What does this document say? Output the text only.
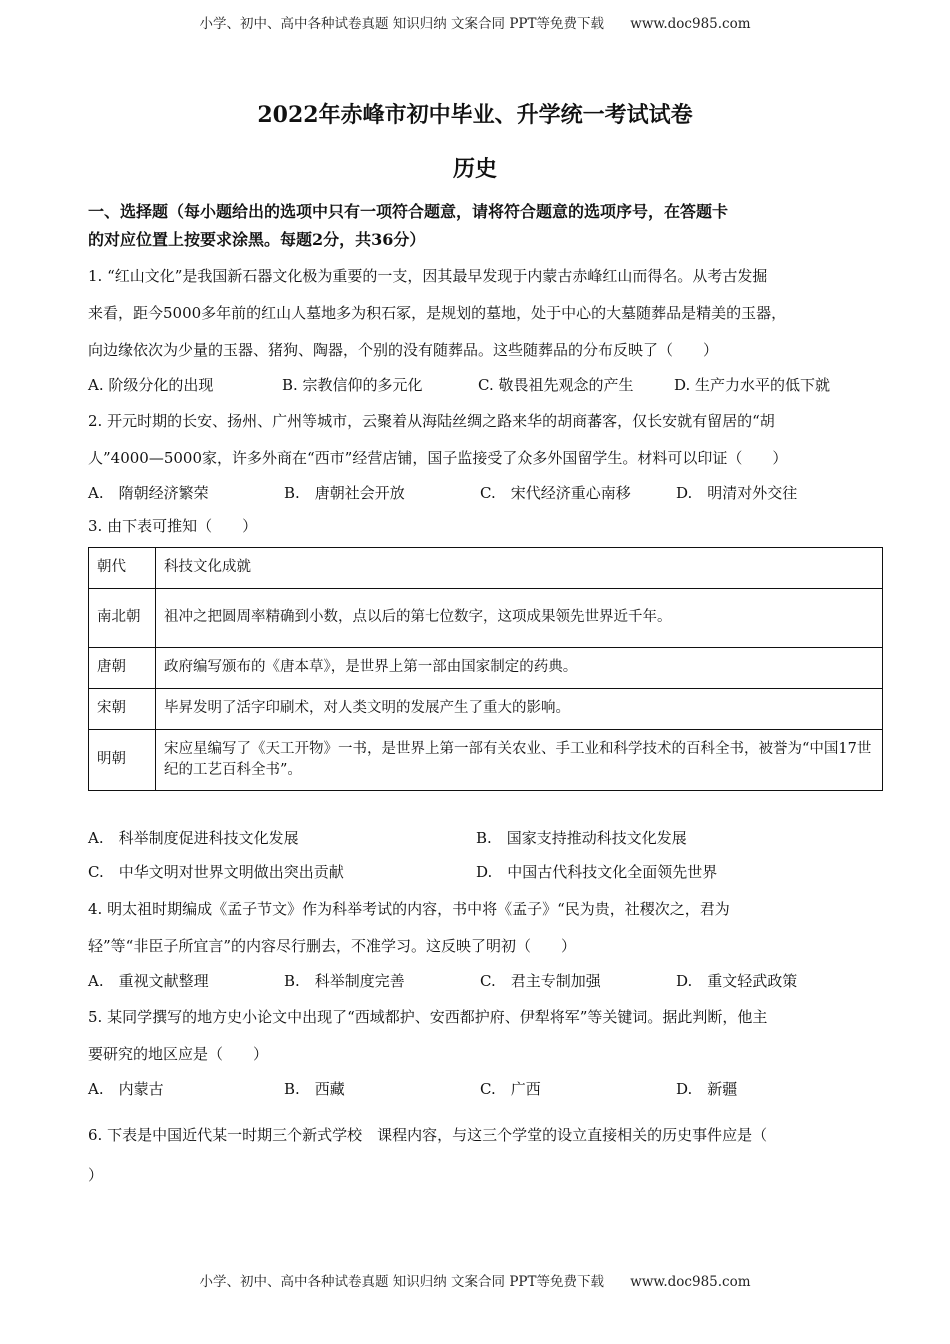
小学、初中、高中各种试卷真题 知识归纳 文案合同 PPT等免费下载 www.doc985.com
2022年赤峰市初中毕业、升学统一考试试卷
历史
一、选择题（每小题给出的选项中只有一项符合题意，请将符合题意的选项序号，在答题卡
的对应位置上按要求涂黑。每题2分，共36分）

1. “红山文化”是我国新石器文化极为重要的一支，因其最早发现于内蒙古赤峰红山而得名。从考古发掘

来看，距今5000多年前的红山人墓地多为积石冢，是规划的墓地，处于中心的大墓随葬品是精美的玉器，

向边缘依次为少量的玉器、猪狗、陶器，个别的没有随葬品。这些随葬品的分布反映了（　　）

A. 阶级分化的出现	B. 宗教信仰的多元化	C. 敬畏祖先观念的产生	D. 生产力水平的低下就

2. 开元时期的长安、扬州、广州等城市，云聚着从海陆丝绸之路来华的胡商蕃客，仅长安就有留居的“胡

人”4000—5000家，许多外商在“西市”经营店铺，国子监接受了众多外国留学生。材料可以印证（　　）

A.　隋朝经济繁荣	B.　唐朝社会开放	C.　宋代经济重心南移	D.　明清对外交往

3. 由下表可推知（　　）

朝代	科技文化成就
南北朝	祖冲之把圆周率精确到小数，点以后的第七位数字，这项成果领先世界近千年。
唐朝	政府编写颁布的《唐本草》，是世界上第一部由国家制定的药典。
宋朝	毕昇发明了活字印刷术，对人类文明的发展产生了重大的影响。
明朝	宋应星编写了《天工开物》一书，是世界上第一部有关农业、手工业和科学技术的百科全书，被誉为“中国17世纪的工艺百科全书”。
A.　科举制度促进科技文化发展	B.　国家支持推动科技文化发展
C.　中华文明对世界文明做出突出贡献	D.　中国古代科技文化全面领先世界

4. 明太祖时期编成《孟子节文》作为科举考试的内容，书中将《孟子》“民为贵，社稷次之，君为

轻”等“非臣子所宜言”的内容尽行删去，不准学习。这反映了明初（　　）

A.　重视文献整理	B.　科举制度完善	C.　君主专制加强	D.　重文轻武政策

5. 某同学撰写的地方史小论文中出现了“西域都护、安西都护府、伊犁将军”等关键词。据此判断，他主

要研究的地区应是（　　）

A.　内蒙古	B.　西藏	C.　广西	D.　新疆

6. 下表是中国近代某一时期三个新式学校　课程内容，与这三个学堂的设立直接相关的历史事件应是（

）

小学、初中、高中各种试卷真题 知识归纳 文案合同 PPT等免费下载 www.doc985.com
